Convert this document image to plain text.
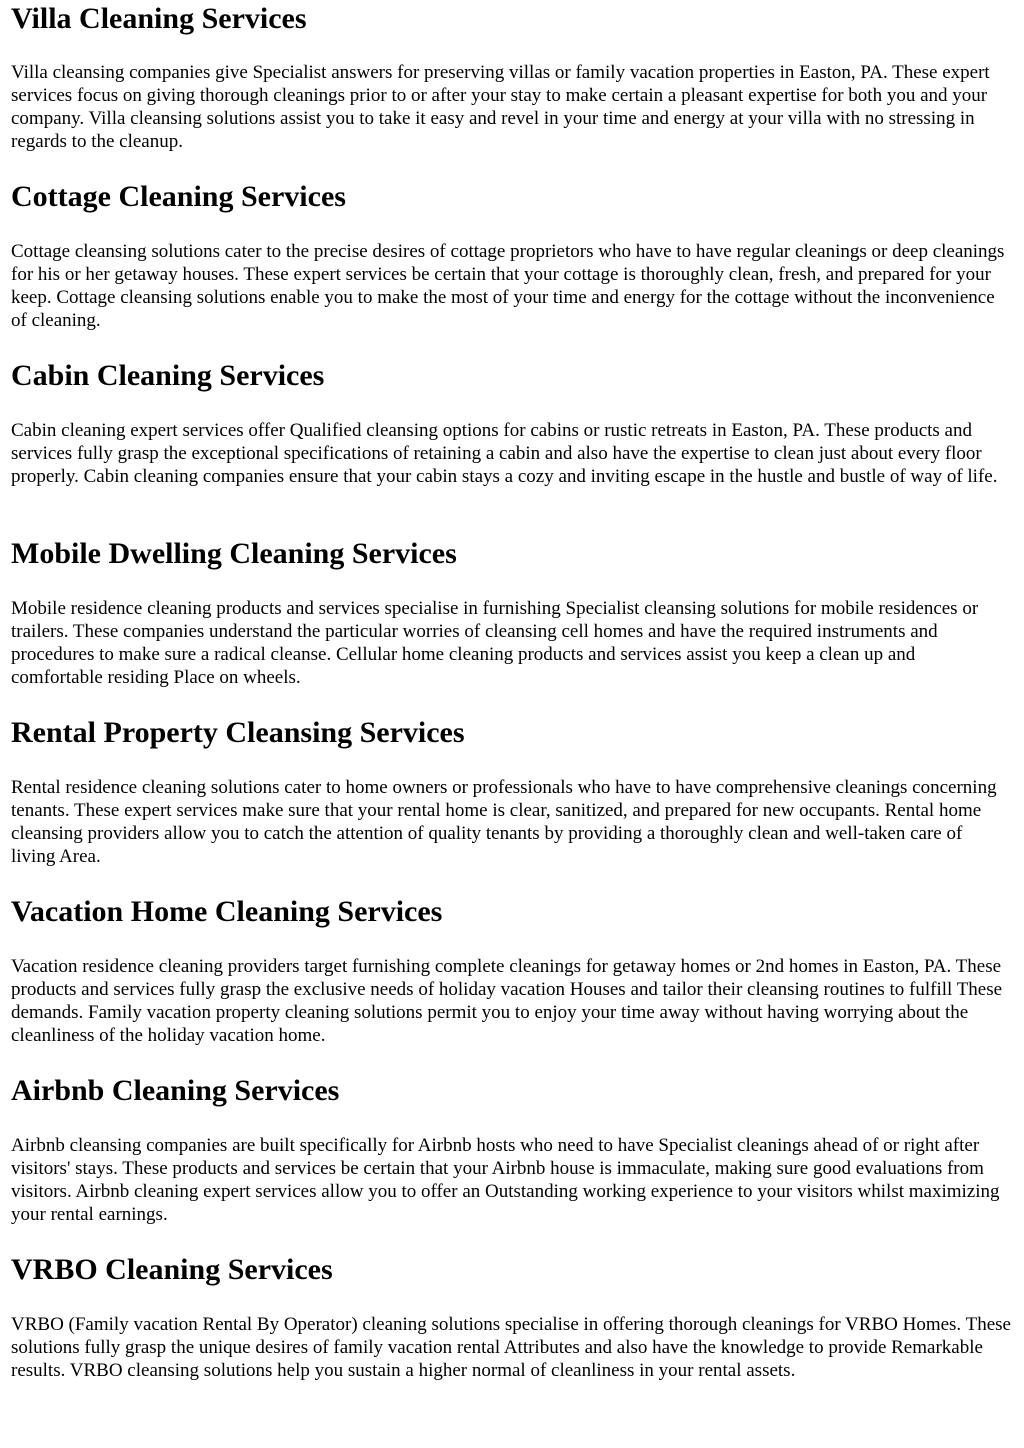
Villa Cleaning Services

Villa cleansing companies give Specialist answers for preserving villas or family vacation properties in Easton, PA. These expert services focus on giving thorough cleanings prior to or after your stay to make certain a pleasant expertise for both you and your company. Villa cleansing solutions assist you to take it easy and revel in your time and energy at your villa with no stressing in regards to the cleanup.

Cottage Cleaning Services

Cottage cleansing solutions cater to the precise desires of cottage proprietors who have to have regular cleanings or deep cleanings for his or her getaway houses. These expert services be certain that your cottage is thoroughly clean, fresh, and prepared for your keep. Cottage cleansing solutions enable you to make the most of your time and energy for the cottage without the inconvenience of cleaning.

Cabin Cleaning Services

Cabin cleaning expert services offer Qualified cleansing options for cabins or rustic retreats in Easton, PA. These products and services fully grasp the exceptional specifications of retaining a cabin and also have the expertise to clean just about every floor properly. Cabin cleaning companies ensure that your cabin stays a cozy and inviting escape in the hustle and bustle of way of life.

Mobile Dwelling Cleaning Services

Mobile residence cleaning products and services specialise in furnishing Specialist cleansing solutions for mobile residences or trailers. These companies understand the particular worries of cleansing cell homes and have the required instruments and procedures to make sure a radical cleanse. Cellular home cleaning products and services assist you keep a clean up and comfortable residing Place on wheels.

Rental Property Cleansing Services

Rental residence cleaning solutions cater to home owners or professionals who have to have comprehensive cleanings concerning tenants. These expert services make sure that your rental home is clear, sanitized, and prepared for new occupants. Rental home cleansing providers allow you to catch the attention of quality tenants by providing a thoroughly clean and well-taken care of living Area.

Vacation Home Cleaning Services

Vacation residence cleaning providers target furnishing complete cleanings for getaway homes or 2nd homes in Easton, PA. These products and services fully grasp the exclusive needs of holiday vacation Houses and tailor their cleansing routines to fulfill These demands. Family vacation property cleaning solutions permit you to enjoy your time away without having worrying about the cleanliness of the holiday vacation home.

Airbnb Cleaning Services

Airbnb cleansing companies are built specifically for Airbnb hosts who need to have Specialist cleanings ahead of or right after visitors' stays. These products and services be certain that your Airbnb house is immaculate, making sure good evaluations from visitors. Airbnb cleaning expert services allow you to offer an Outstanding working experience to your visitors whilst maximizing your rental earnings.

VRBO Cleaning Services

VRBO (Family vacation Rental By Operator) cleaning solutions specialise in offering thorough cleanings for VRBO Homes. These solutions fully grasp the unique desires of family vacation rental Attributes and also have the knowledge to provide Remarkable results. VRBO cleansing solutions help you sustain a higher normal of cleanliness in your rental assets.
